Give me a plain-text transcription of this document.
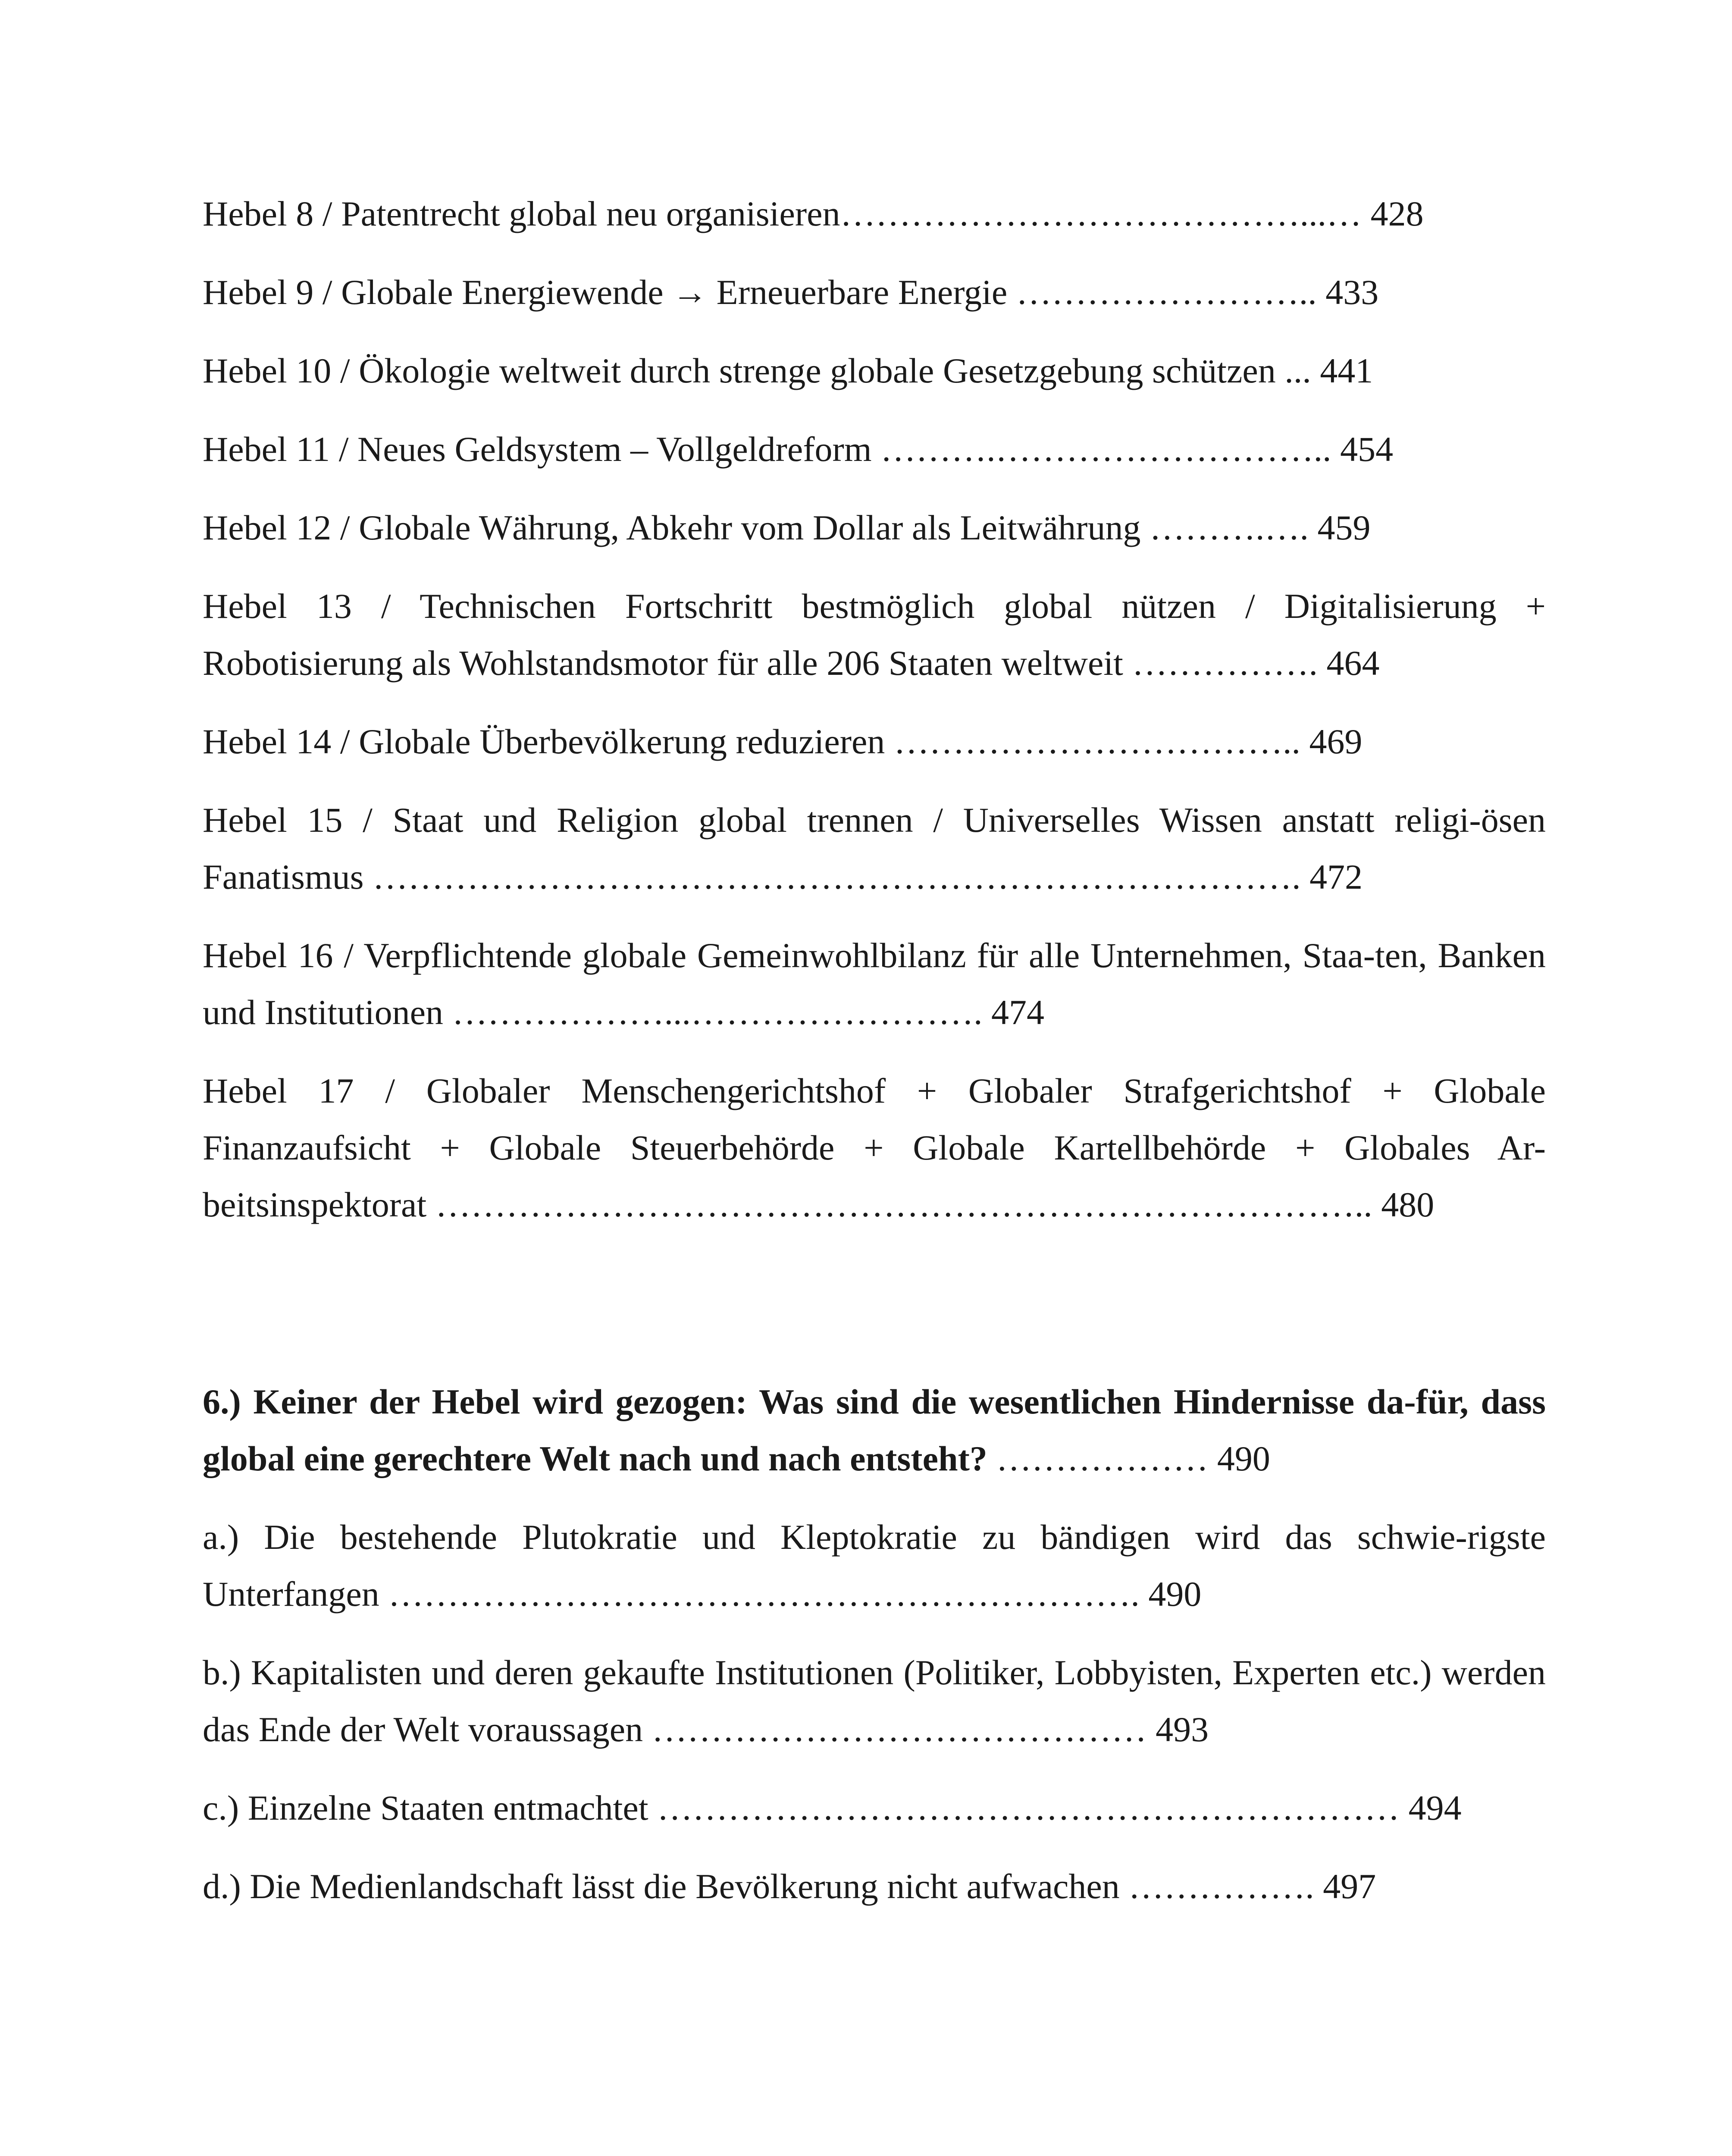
Hebel 8 / Patentrecht global neu organisieren…………………………………...… 428

Hebel 9 / Globale Energiewende → Erneuerbare Energie …………………….. 433

Hebel 10 / Ökologie weltweit durch strenge globale Gesetzgebung schützen ... 441

Hebel 11 / Neues Geldsystem – Vollgeldreform ……….……………………….. 454

Hebel 12 / Globale Währung, Abkehr vom Dollar als Leitwährung ……….…. 459

Hebel 13 / Technischen Fortschritt bestmöglich global nützen / Digitalisierung + Robotisierung als Wohlstandsmotor für alle 206 Staaten weltweit ……………. 464

Hebel 14 / Globale Überbevölkerung reduzieren …………………………….. 469

Hebel 15 / Staat und Religion global trennen / Universelles Wissen anstatt religi-ösen Fanatismus ……………………………………………………………………. 472

Hebel 16 / Verpflichtende globale Gemeinwohlbilanz für alle Unternehmen, Staa-ten, Banken und Institutionen ………………...……………………. 474

Hebel 17 / Globaler Menschengerichtshof + Globaler Strafgerichtshof + Globale Finanzaufsicht + Globale Steuerbehörde + Globale Kartellbehörde + Globales Ar-beitsinspektorat …………………………………………………………………….. 480

6.) Keiner der Hebel wird gezogen: Was sind die wesentlichen Hindernisse da-für, dass global eine gerechtere Welt nach und nach entsteht? ……………… 490

a.) Die bestehende Plutokratie und Kleptokratie zu bändigen wird das schwie-rigste Unterfangen ………………………………………………………. 490

b.) Kapitalisten und deren gekaufte Institutionen (Politiker, Lobbyisten, Experten etc.) werden das Ende der Welt voraussagen …………………………………… 493

c.) Einzelne Staaten entmachtet ……………………………………………………… 494

d.) Die Medienlandschaft lässt die Bevölkerung nicht aufwachen ……………. 497
